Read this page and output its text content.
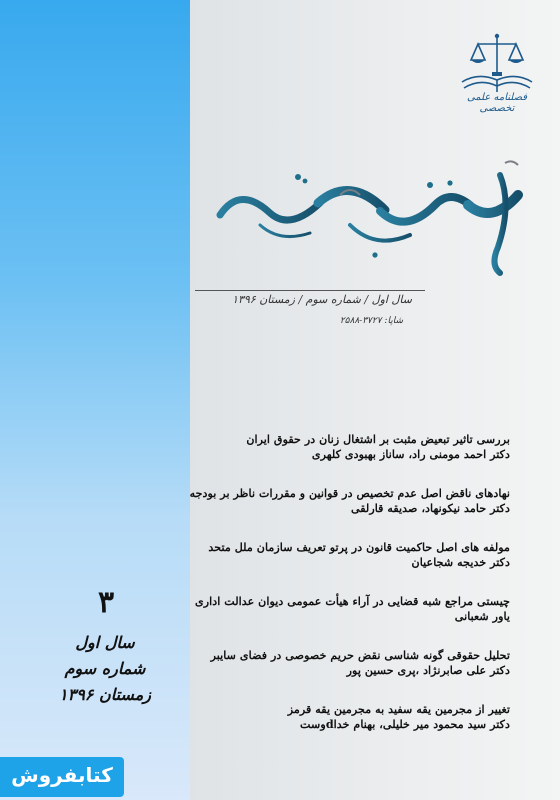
فصلنامه علمی تخصصی
سال اول / شماره سوم / زمستان ۱۳۹۶
شاپا: ۳۷۲۷-۲۵۸۸
بررسی تاثیر تبعیض مثبت بر اشتغال زنان در حقوق ایران
دکتر احمد مومنی راد، ساناز بهبودی کلهری
نهادهای ناقض اصل عدم تخصیص در قوانین و مقررات ناظر بر بودجه
دکتر حامد نیکونهاد، صدیقه قارلقی
مولفه های اصل حاکمیت قانون در پرتو تعریف سازمان ملل متحد
دکتر خدیجه شجاعیان
چیستی مراجع شبه قضایی در آراء هیأت عمومی دیوان عدالت اداری
یاور شعبانی
تحلیل حقوقی گونه شناسی نقض حریم خصوصی در فضای سایبر
دکتر علی صابرنژاد ،پری حسین پور
تغییر از مجرمین یقه سفید به مجرمین یقه قرمز
دکتر سید محمود میر خلیلی، بهنام خداdوست
۳
سال اول
شماره سوم
زمستان ۱۳۹۶
کتابفروش
